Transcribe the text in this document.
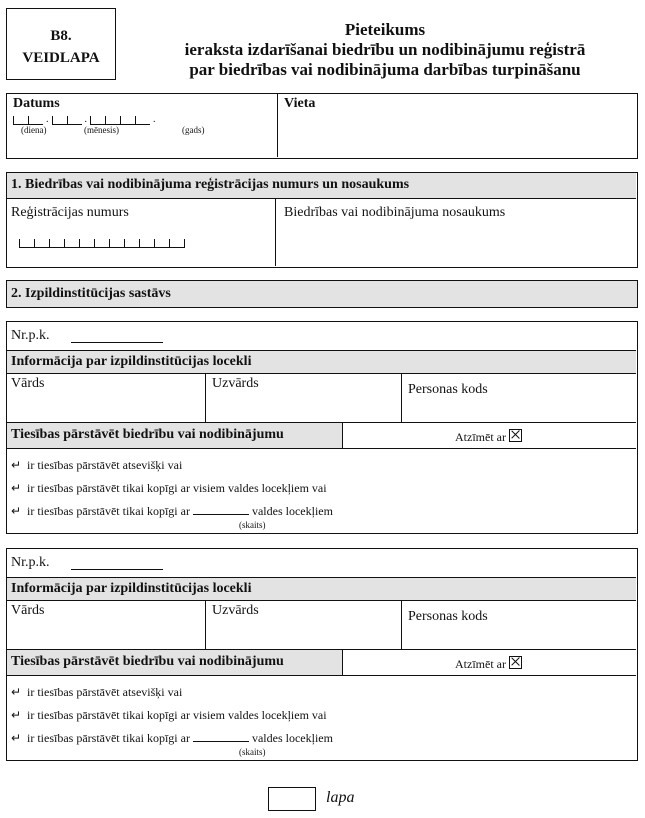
B8.
VEIDLAPA
Pieteikums
ieraksta izdarīšanai biedrību un nodibinājumu reģistrā
par biedrības vai nodibinājuma darbības turpināšanu
Datums
.	.	.
(diena)	(mēnesis)	(gads)
Vieta
1. Biedrības vai nodibinājuma reģistrācijas numurs un nosaukums
Reģistrācijas numurs	Biedrības vai nodibinājuma nosaukums
2. Izpildinstitūcijas sastāvs
Nr.p.k.
Informācija par izpildinstitūcijas locekli
Vārds	Uzvārds	Personas kods
Tiesības pārstāvēt biedrību vai nodibinājumu	Atzīmēt ar
↵ ir tiesības pārstāvēt atsevišķi vai
↵ ir tiesības pārstāvēt tikai kopīgi ar visiem valdes locekļiem vai
↵ ir tiesības pārstāvēt tikai kopīgi ar	valdes locekļiem
(skaits)
Nr.p.k.
Informācija par izpildinstitūcijas locekli
Vārds	Uzvārds	Personas kods
Tiesības pārstāvēt biedrību vai nodibinājumu	Atzīmēt ar
↵ ir tiesības pārstāvēt atsevišķi vai
↵ ir tiesības pārstāvēt tikai kopīgi ar visiem valdes locekļiem vai
↵ ir tiesības pārstāvēt tikai kopīgi ar	valdes locekļiem
(skaits)
lapa
